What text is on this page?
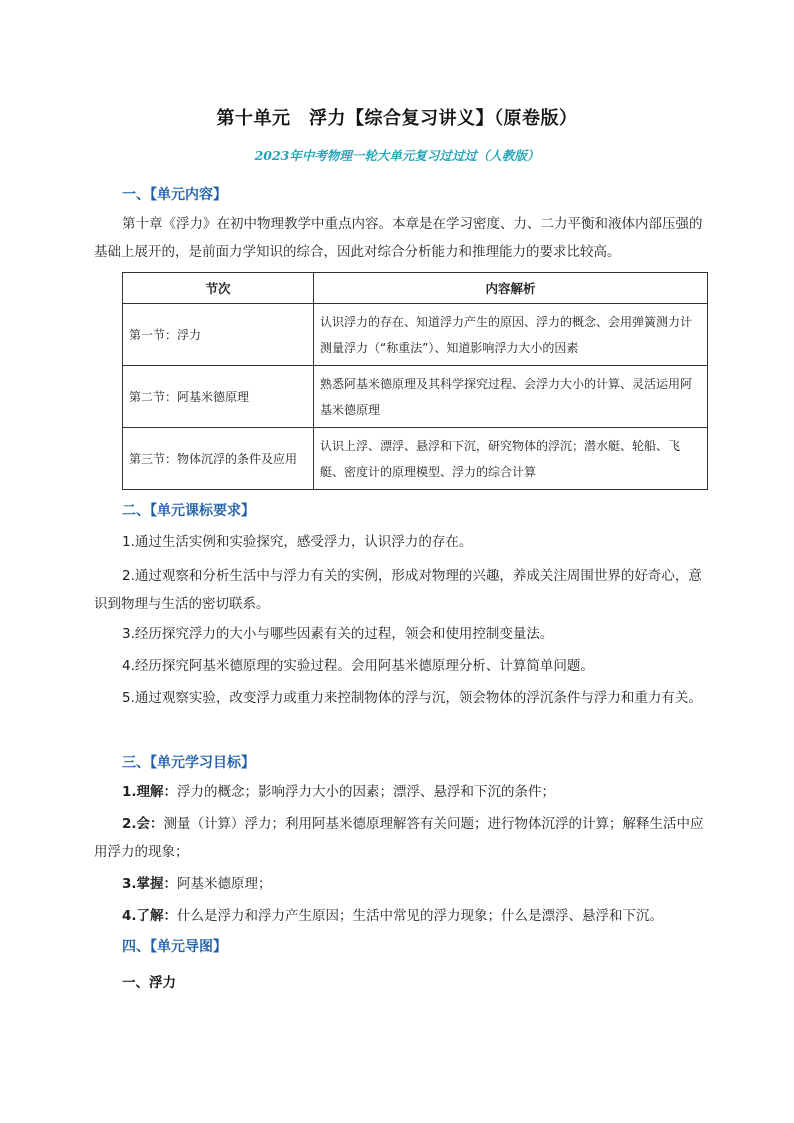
第十单元　浮力【综合复习讲义】（原卷版）
2023年中考物理一轮大单元复习过过过（人教版）
一、【单元内容】

第十章《浮力》在初中物理教学中重点内容。本章是在学习密度、力、二力平衡和液体内部压强的基础上展开的，是前面力学知识的综合，因此对综合分析能力和推理能力的要求比较高。

节次	内容解析
第一节：浮力	认识浮力的存在、知道浮力产生的原因、浮力的概念、会用弹簧测力计测量浮力（“称重法”）、知道影响浮力大小的因素
第二节：阿基米德原理	熟悉阿基米德原理及其科学探究过程、会浮力大小的计算、灵活运用阿基米德原理
第三节：物体沉浮的条件及应用	认识上浮、漂浮、悬浮和下沉，研究物体的浮沉；潜水艇、轮船、飞艇、密度计的原理模型、浮力的综合计算
二、【单元课标要求】

1.通过生活实例和实验探究，感受浮力，认识浮力的存在。

2.通过观察和分析生活中与浮力有关的实例，形成对物理的兴趣，养成关注周围世界的好奇心，意识到物理与生活的密切联系。

3.经历探究浮力的大小与哪些因素有关的过程，领会和使用控制变量法。

4.经历探究阿基米德原理的实验过程。会用阿基米德原理分析、计算简单问题。

5.通过观察实验，改变浮力或重力来控制物体的浮与沉，领会物体的浮沉条件与浮力和重力有关。

三、【单元学习目标】

1.理解：浮力的概念；影响浮力大小的因素；漂浮、悬浮和下沉的条件；

2.会：测量（计算）浮力；利用阿基米德原理解答有关问题；进行物体沉浮的计算；解释生活中应用浮力的现象；

3.掌握：阿基米德原理；

4.了解：什么是浮力和浮力产生原因；生活中常见的浮力现象；什么是漂浮、悬浮和下沉。

四、【单元导图】
一、浮力
